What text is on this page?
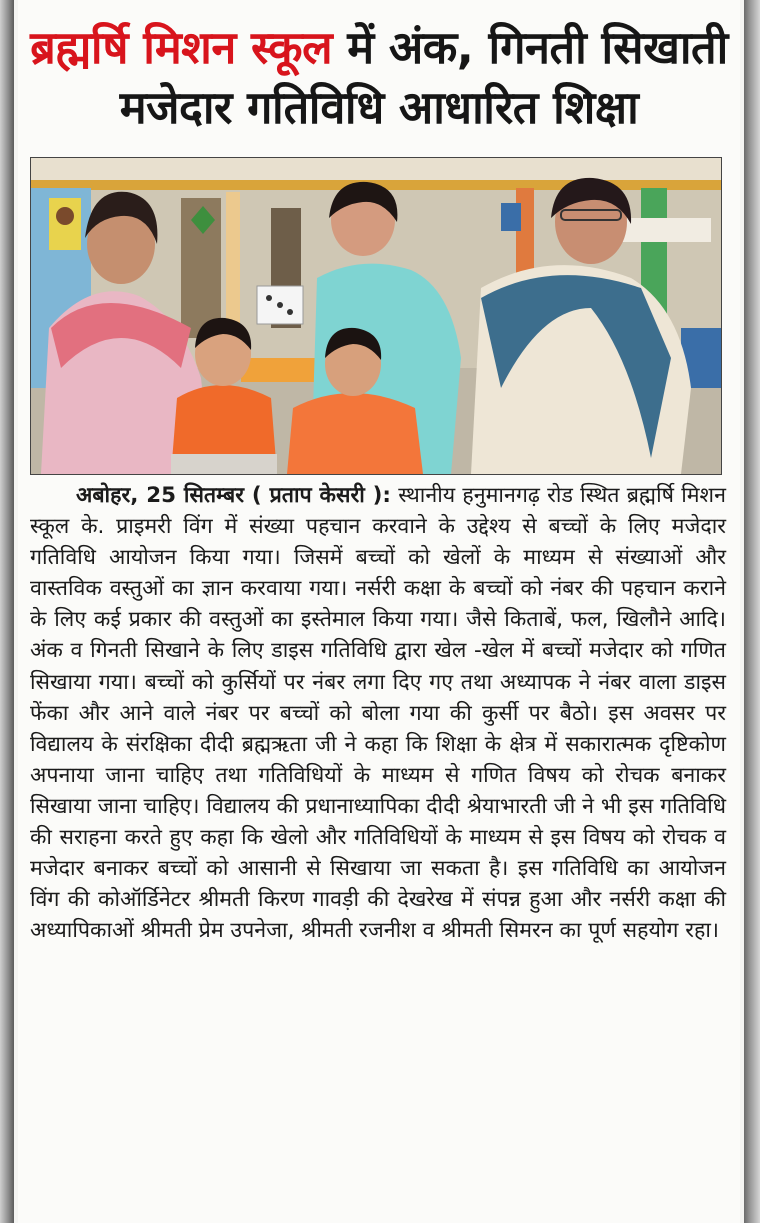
ब्रह्मर्षि मिशन स्कूल में अंक, गिनती सिखाती मजेदार गतिविधि आधारित शिक्षा
अबोहर, 25 सितम्बर ( प्रताप केसरी ): स्थानीय हनुमानगढ़ रोड स्थित ब्रह्मर्षि मिशन स्कूल के. प्राइमरी विंग में संख्या पहचान करवाने के उद्देश्य से बच्चों के लिए मजेदार गतिविधि आयोजन किया गया। जिसमें बच्चों को खेलों के माध्यम से संख्याओं और वास्तविक वस्तुओं का ज्ञान करवाया गया। नर्सरी कक्षा के बच्चों को नंबर की पहचान कराने के लिए कई प्रकार की वस्तुओं का इस्तेमाल किया गया। जैसे किताबें, फल, खिलौने आदि। अंक व गिनती सिखाने के लिए डाइस गतिविधि द्वारा खेल -खेल में बच्चों मजेदार को गणित सिखाया गया। बच्चों को कुर्सियों पर नंबर लगा दिए गए तथा अध्यापक ने नंबर वाला डाइस फेंका और आने वाले नंबर पर बच्चों को बोला गया की कुर्सी पर बैठो। इस अवसर पर विद्यालय के संरक्षिका दीदी ब्रह्मऋता जी ने कहा कि शिक्षा के क्षेत्र में सकारात्मक दृष्टिकोण अपनाया जाना चाहिए तथा गतिविधियों के माध्यम से गणित विषय को रोचक बनाकर सिखाया जाना चाहिए। विद्यालय की प्रधानाध्यापिका दीदी श्रेयाभारती जी ने भी इस गतिविधि की सराहना करते हुए कहा कि खेलो और गतिविधियों के माध्यम से इस विषय को रोचक व मजेदार बनाकर बच्चों को आसानी से सिखाया जा सकता है। इस गतिविधि का आयोजन विंग की कोऑर्डिनेटर श्रीमती किरण गावड़ी की देखरेख में संपन्न हुआ और नर्सरी कक्षा की अध्यापिकाओं श्रीमती प्रेम उपनेजा, श्रीमती रजनीश व श्रीमती सिमरन का पूर्ण सहयोग रहा।
